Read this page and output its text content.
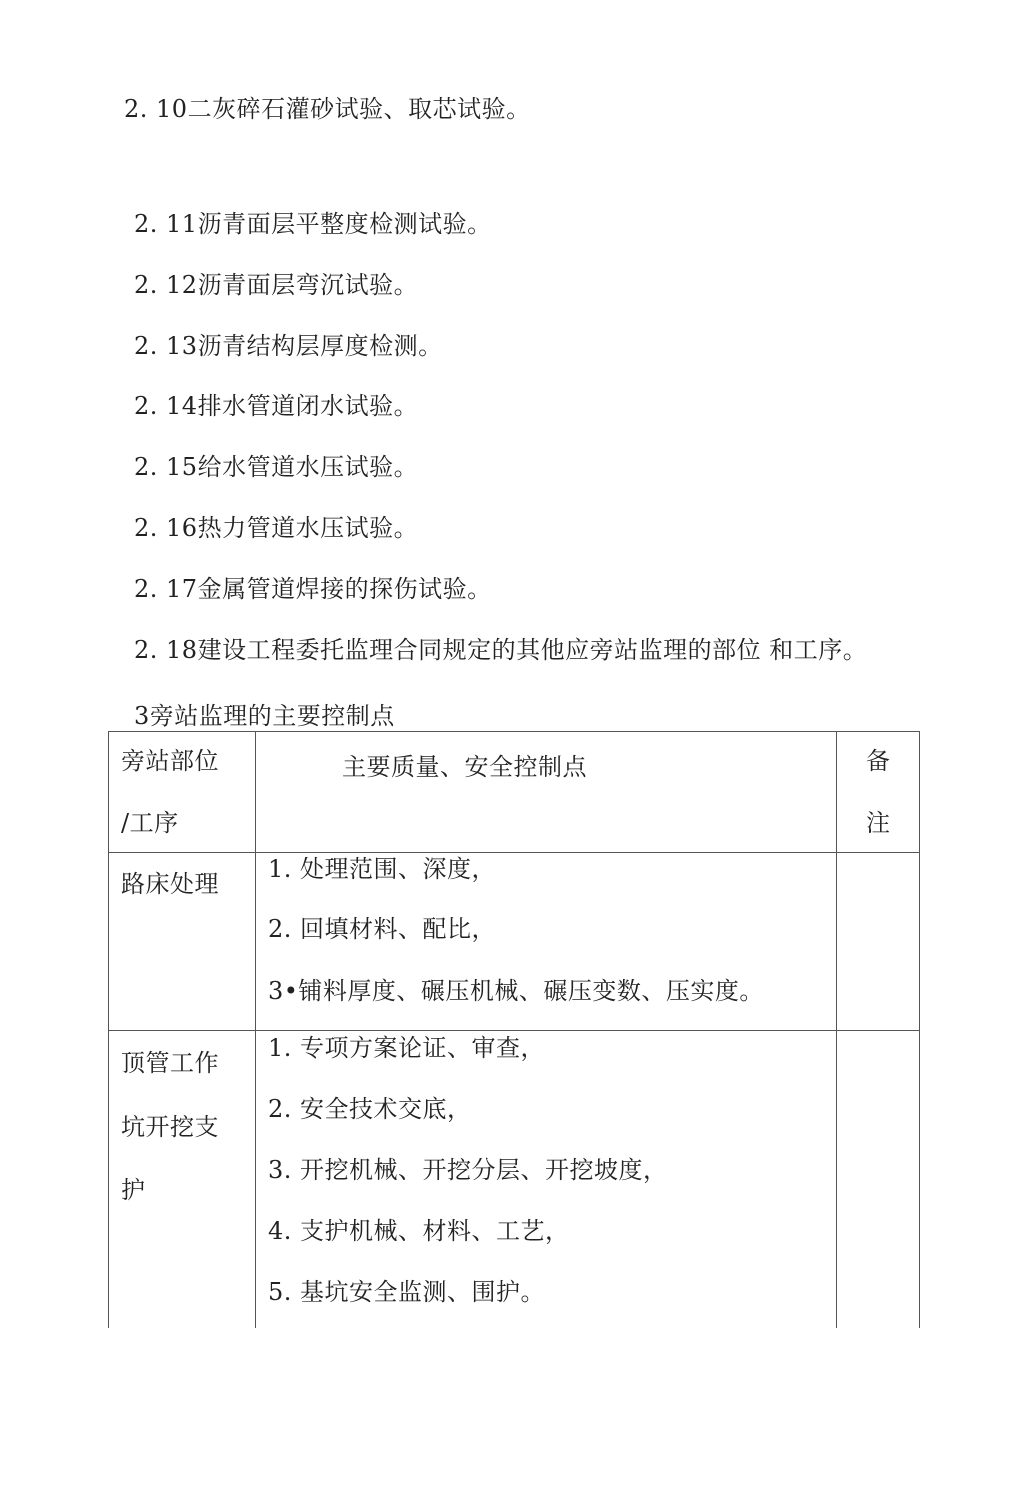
2. 10二灰碎石灌砂试验、取芯试验。
2. 11沥青面层平整度检测试验。
2. 12沥青面层弯沉试验。
2. 13沥青结构层厚度检测。
2. 14排水管道闭水试验。
2. 15给水管道水压试验。
2. 16热力管道水压试验。
2. 17金属管道焊接的探伤试验。
2. 18建设工程委托监理合同规定的其他应旁站监理的部位 和工序。
3旁站监理的主要控制点
旁站部位
/工序
主要质量、安全控制点	备
注
路床处理
1. 处理范围、深度，
2. 回填材料、配比，
3•铺料厚度、碾压机械、碾压变数、压实度。
顶管工作
坑开挖支
护
1. 专项方案论证、审查，
2. 安全技术交底，
3. 开挖机械、开挖分层、开挖坡度，
4. 支护机械、材料、工艺，
5. 基坑安全监测、围护。
